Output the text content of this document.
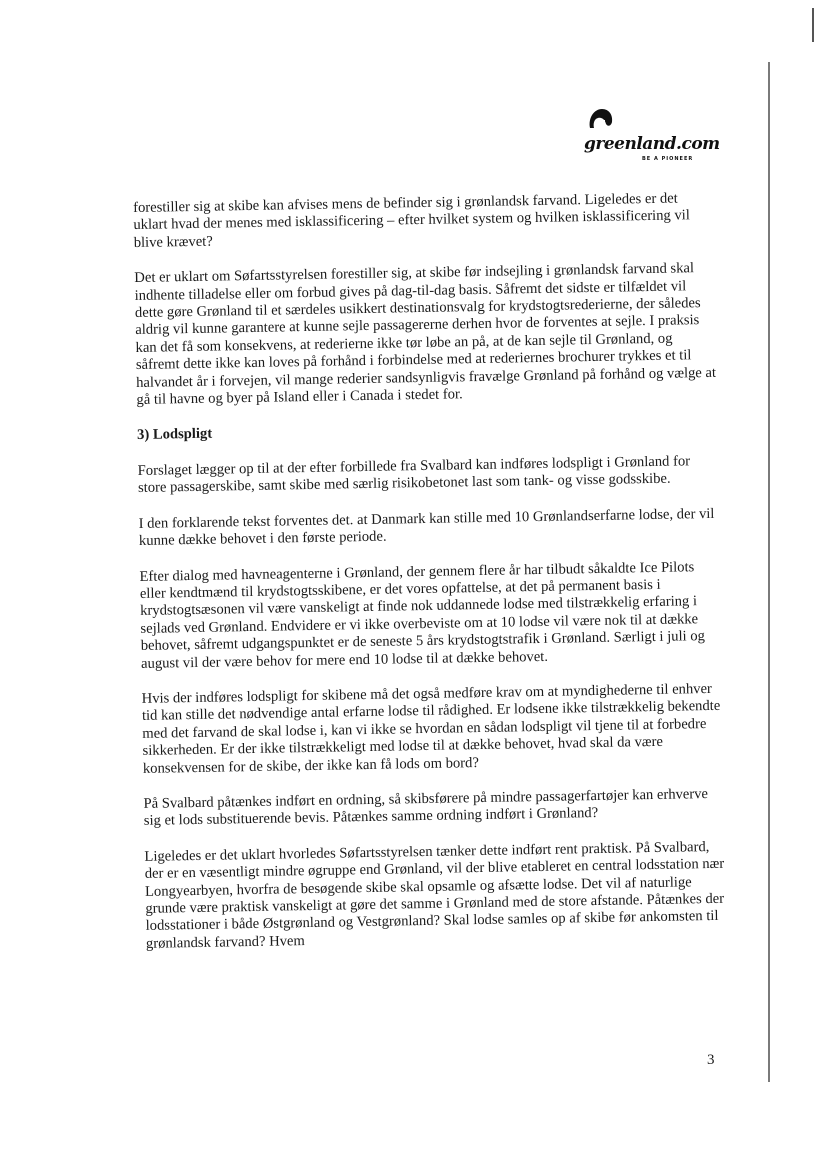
greenland.com
BE A PIONEER

forestiller sig at skibe kan afvises mens de befinder sig i grønlandsk farvand. Ligeledes er det uklart hvad der menes med isklassificering – efter hvilket system og hvilken isklassificering vil blive krævet?

Det er uklart om Søfartsstyrelsen forestiller sig, at skibe før indsejling i grønlandsk farvand skal indhente tilladelse eller om forbud gives på dag-til-dag basis. Såfremt det sidste er tilfældet vil dette gøre Grønland til et særdeles usikkert destinationsvalg for krydstogtsrederierne, der således aldrig vil kunne garantere at kunne sejle passagererne derhen hvor de forventes at sejle. I praksis kan det få som konsekvens, at rederierne ikke tør løbe an på, at de kan sejle til Grønland, og såfremt dette ikke kan loves på forhånd i forbindelse med at rederiernes brochurer trykkes et til halvandet år i forvejen, vil mange rederier sandsynligvis fravælge Grønland på forhånd og vælge at gå til havne og byer på Island eller i Canada i stedet for.

3) Lodspligt

Forslaget lægger op til at der efter forbillede fra Svalbard kan indføres lodspligt i Grønland for store passagerskibe, samt skibe med særlig risikobetonet last som tank- og visse godsskibe.

I den forklarende tekst forventes det. at Danmark kan stille med 10 Grønlandserfarne lodse, der vil kunne dække behovet i den første periode.

Efter dialog med havneagenterne i Grønland, der gennem flere år har tilbudt såkaldte Ice Pilots eller kendtmænd til krydstogtsskibene, er det vores opfattelse, at det på permanent basis i krydstogtsæsonen vil være vanskeligt at finde nok uddannede lodse med tilstrækkelig erfaring i sejlads ved Grønland. Endvidere er vi ikke overbeviste om at 10 lodse vil være nok til at dække behovet, såfremt udgangspunktet er de seneste 5 års krydstogtstrafik i Grønland. Særligt i juli og august vil der være behov for mere end 10 lodse til at dække behovet.

Hvis der indføres lodspligt for skibene må det også medføre krav om at myndighederne til enhver tid kan stille det nødvendige antal erfarne lodse til rådighed. Er lodsene ikke tilstrækkelig bekendte med det farvand de skal lodse i, kan vi ikke se hvordan en sådan lodspligt vil tjene til at forbedre sikkerheden. Er der ikke tilstrækkeligt med lodse til at dække behovet, hvad skal da være konsekvensen for de skibe, der ikke kan få lods om bord?

På Svalbard påtænkes indført en ordning, så skibsførere på mindre passagerfartøjer kan erhverve sig et lods substituerende bevis. Påtænkes samme ordning indført i Grønland?

Ligeledes er det uklart hvorledes Søfartsstyrelsen tænker dette indført rent praktisk. På Svalbard, der er en væsentligt mindre øgruppe end Grønland, vil der blive etableret en central lodsstation nær Longyearbyen, hvorfra de besøgende skibe skal opsamle og afsætte lodse. Det vil af naturlige grunde være praktisk vanskeligt at gøre det samme i Grønland med de store afstande. Påtænkes der lodsstationer i både Østgrønland og Vestgrønland? Skal lodse samles op af skibe før ankomsten til grønlandsk farvand? Hvem

3
